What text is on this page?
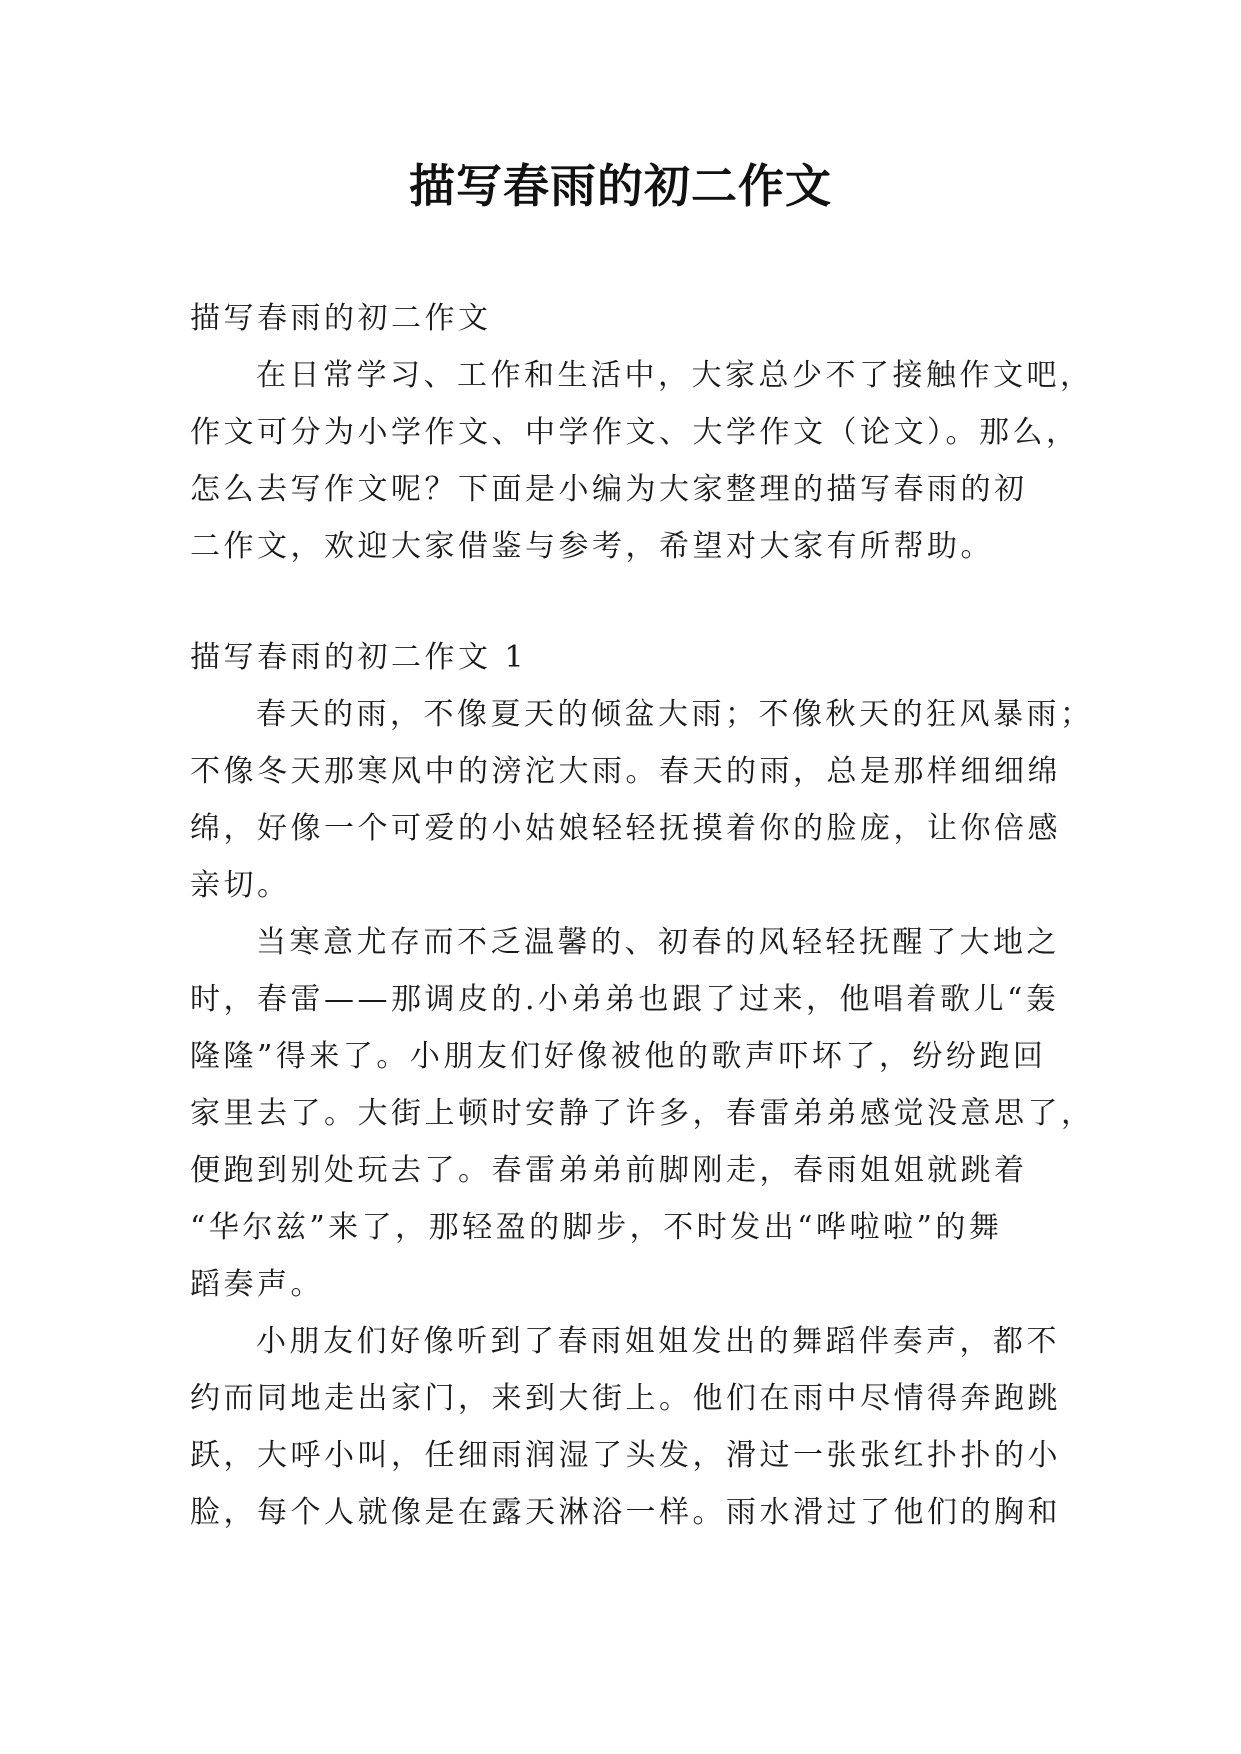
描写春雨的初二作文

描写春雨的初二作文

在日常学习、工作和生活中，大家总少不了接触作文吧，

作文可分为小学作文、中学作文、大学作文（论文）。那么，

怎么去写作文呢？下面是小编为大家整理的描写春雨的初

二作文，欢迎大家借鉴与参考，希望对大家有所帮助。

描写春雨的初二作文 1

春天的雨，不像夏天的倾盆大雨；不像秋天的狂风暴雨；

不像冬天那寒风中的滂沱大雨。春天的雨，总是那样细细绵

绵，好像一个可爱的小姑娘轻轻抚摸着你的脸庞，让你倍感

亲切。

当寒意尤存而不乏温馨的、初春的风轻轻抚醒了大地之

时，春雷——那调皮的.小弟弟也跟了过来，他唱着歌儿“轰

隆隆”得来了。小朋友们好像被他的歌声吓坏了，纷纷跑回

家里去了。大街上顿时安静了许多，春雷弟弟感觉没意思了，

便跑到别处玩去了。春雷弟弟前脚刚走，春雨姐姐就跳着

“华尔兹”来了，那轻盈的脚步，不时发出“哗啦啦”的舞

蹈奏声。

小朋友们好像听到了春雨姐姐发出的舞蹈伴奏声，都不

约而同地走出家门，来到大街上。他们在雨中尽情得奔跑跳

跃，大呼小叫，任细雨润湿了头发，滑过一张张红扑扑的小

脸，每个人就像是在露天淋浴一样。雨水滑过了他们的胸和
